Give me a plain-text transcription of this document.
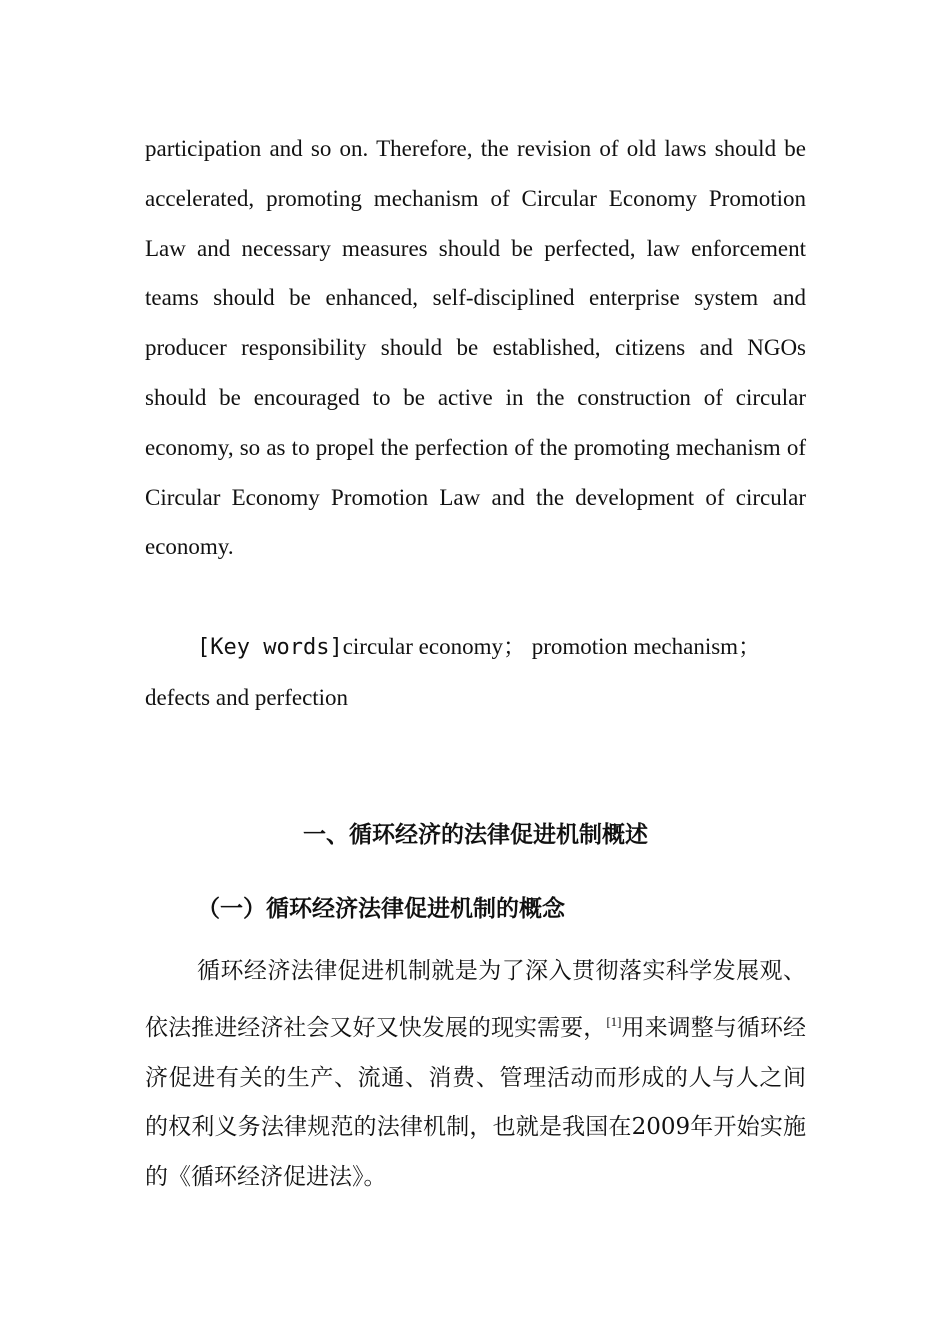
participation and so on. Therefore, the revision of old laws should be accelerated, promoting mechanism of Circular Economy Promotion Law and necessary measures should be perfected, law enforcement teams should be enhanced, self-disciplined enterprise system and producer responsibility should be established, citizens and NGOs should be encouraged to be active in the construction of circular economy, so as to propel the perfection of the promoting mechanism of Circular Economy Promotion Law and the development of circular economy.

[Key words]circular economy； promotion mechanism； defects and perfection

一、循环经济的法律促进机制概述
（一）循环经济法律促进机制的概念

循环经济法律促进机制就是为了深入贯彻落实科学发展观、依法推进经济社会又好又快发展的现实需要，[1]用来调整与循环经济促进有关的生产、流通、消费、管理活动而形成的人与人之间的权利义务法律规范的法律机制，也就是我国在2009年开始实施的《循环经济促进法》。
